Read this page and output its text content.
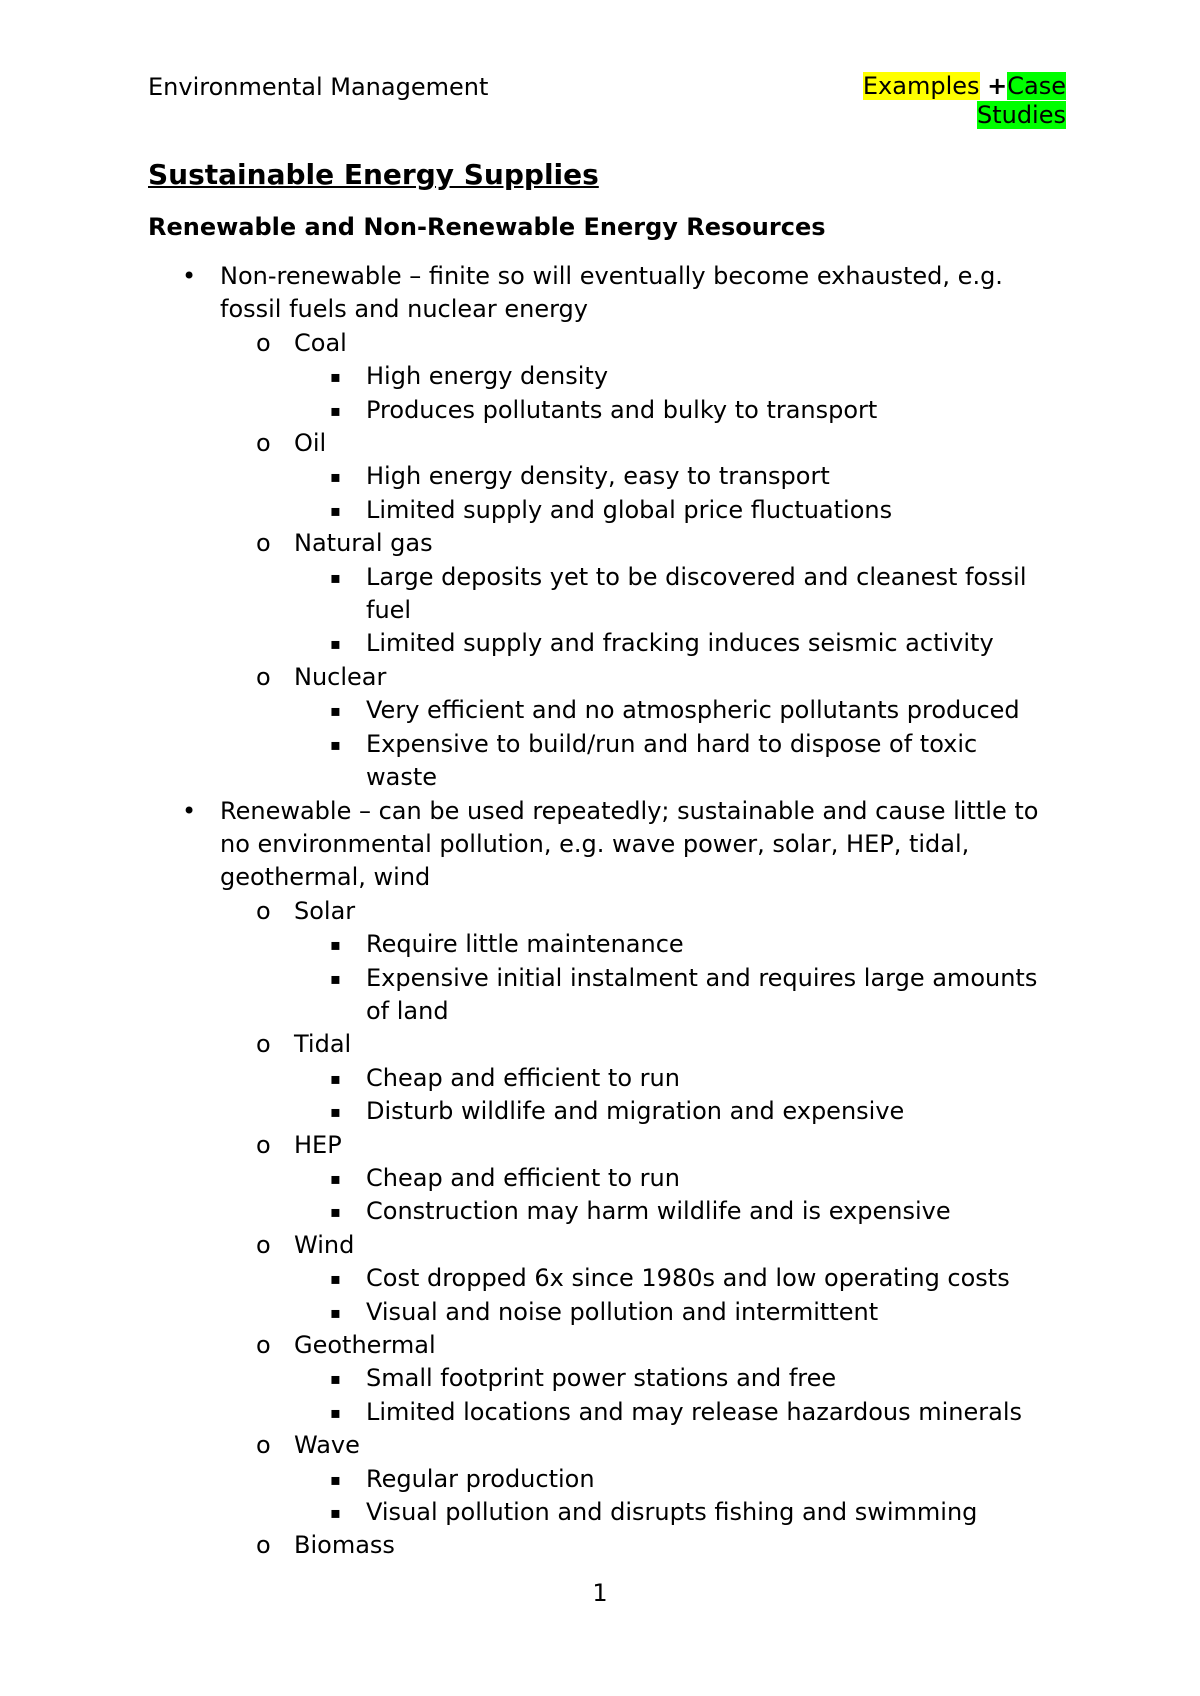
Environmental Management	Examples +Case
Studies
Sustainable Energy Supplies
Renewable and Non-Renewable Energy Resources
• Non-renewable – finite so will eventually become exhausted, e.g. fossil fuels and nuclear energy
o Coal
▪ High energy density
▪ Produces pollutants and bulky to transport
o Oil
▪ High energy density, easy to transport
▪ Limited supply and global price fluctuations
o Natural gas
▪ Large deposits yet to be discovered and cleanest fossil fuel
▪ Limited supply and fracking induces seismic activity
o Nuclear
▪ Very efficient and no atmospheric pollutants produced
▪ Expensive to build/run and hard to dispose of toxic waste
• Renewable – can be used repeatedly; sustainable and cause little to no environmental pollution, e.g. wave power, solar, HEP, tidal, geothermal, wind
o Solar
▪ Require little maintenance
▪ Expensive initial instalment and requires large amounts of land
o Tidal
▪ Cheap and efficient to run
▪ Disturb wildlife and migration and expensive
o HEP
▪ Cheap and efficient to run
▪ Construction may harm wildlife and is expensive
o Wind
▪ Cost dropped 6x since 1980s and low operating costs
▪ Visual and noise pollution and intermittent
o Geothermal
▪ Small footprint power stations and free
▪ Limited locations and may release hazardous minerals
o Wave
▪ Regular production
▪ Visual pollution and disrupts fishing and swimming
o Biomass
1
